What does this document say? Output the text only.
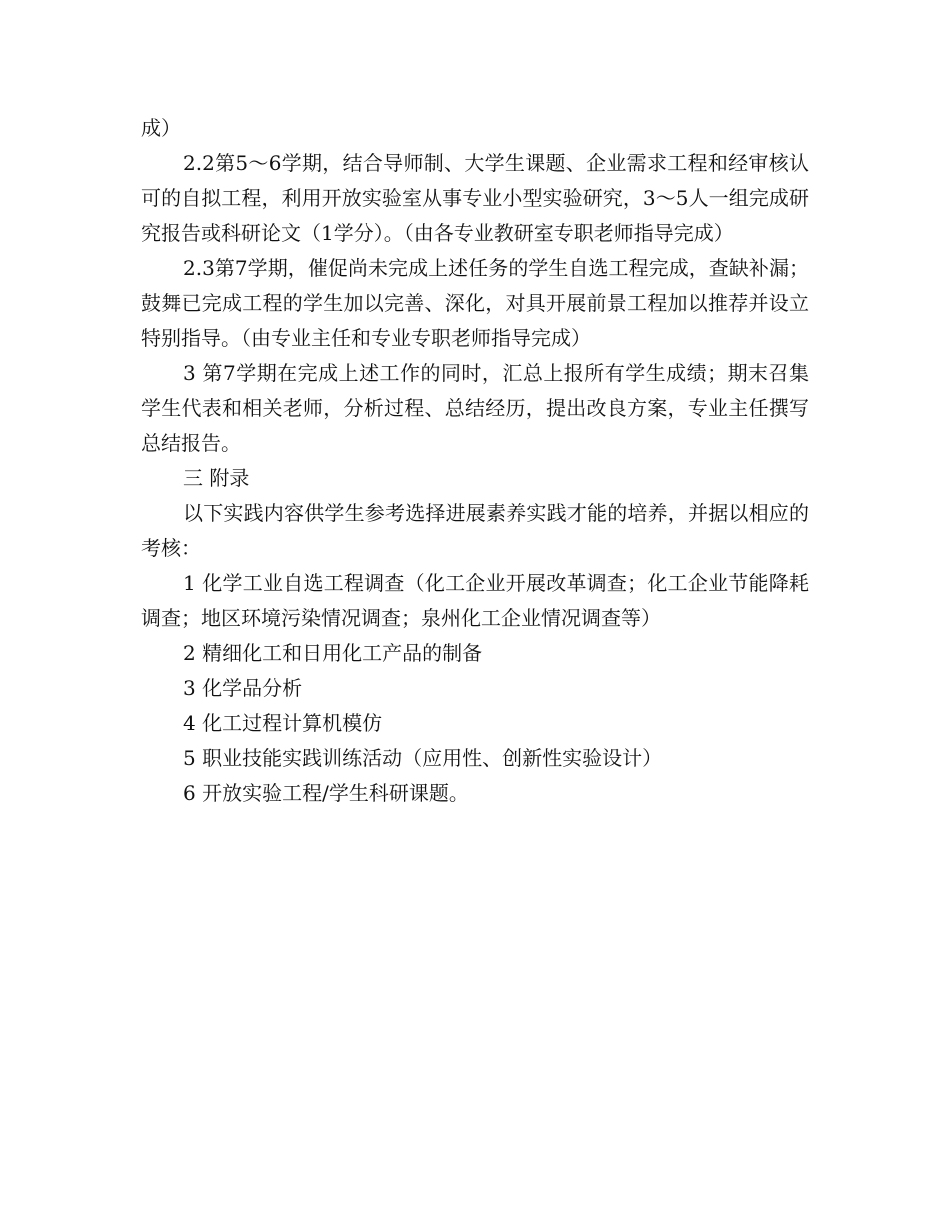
成）

2.2第5～6学期，结合导师制、大学生课题、企业需求工程和经审核认可的自拟工程，利用开放实验室从事专业小型实验研究，3～5人一组完成研究报告或科研论文（1学分）。（由各专业教研室专职老师指导完成）

2.3第7学期，催促尚未完成上述任务的学生自选工程完成，查缺补漏；鼓舞已完成工程的学生加以完善、深化，对具开展前景工程加以推荐并设立特别指导。（由专业主任和专业专职老师指导完成）

3 第7学期在完成上述工作的同时，汇总上报所有学生成绩；期末召集学生代表和相关老师，分析过程、总结经历，提出改良方案，专业主任撰写总结报告。

三 附录

以下实践内容供学生参考选择进展素养实践才能的培养，并据以相应的考核：

1 化学工业自选工程调查（化工企业开展改革调查；化工企业节能降耗调查；地区环境污染情况调查；泉州化工企业情况调查等）

2 精细化工和日用化工产品的制备

3 化学品分析

4 化工过程计算机模仿

5 职业技能实践训练活动（应用性、创新性实验设计）

6 开放实验工程/学生科研课题。
